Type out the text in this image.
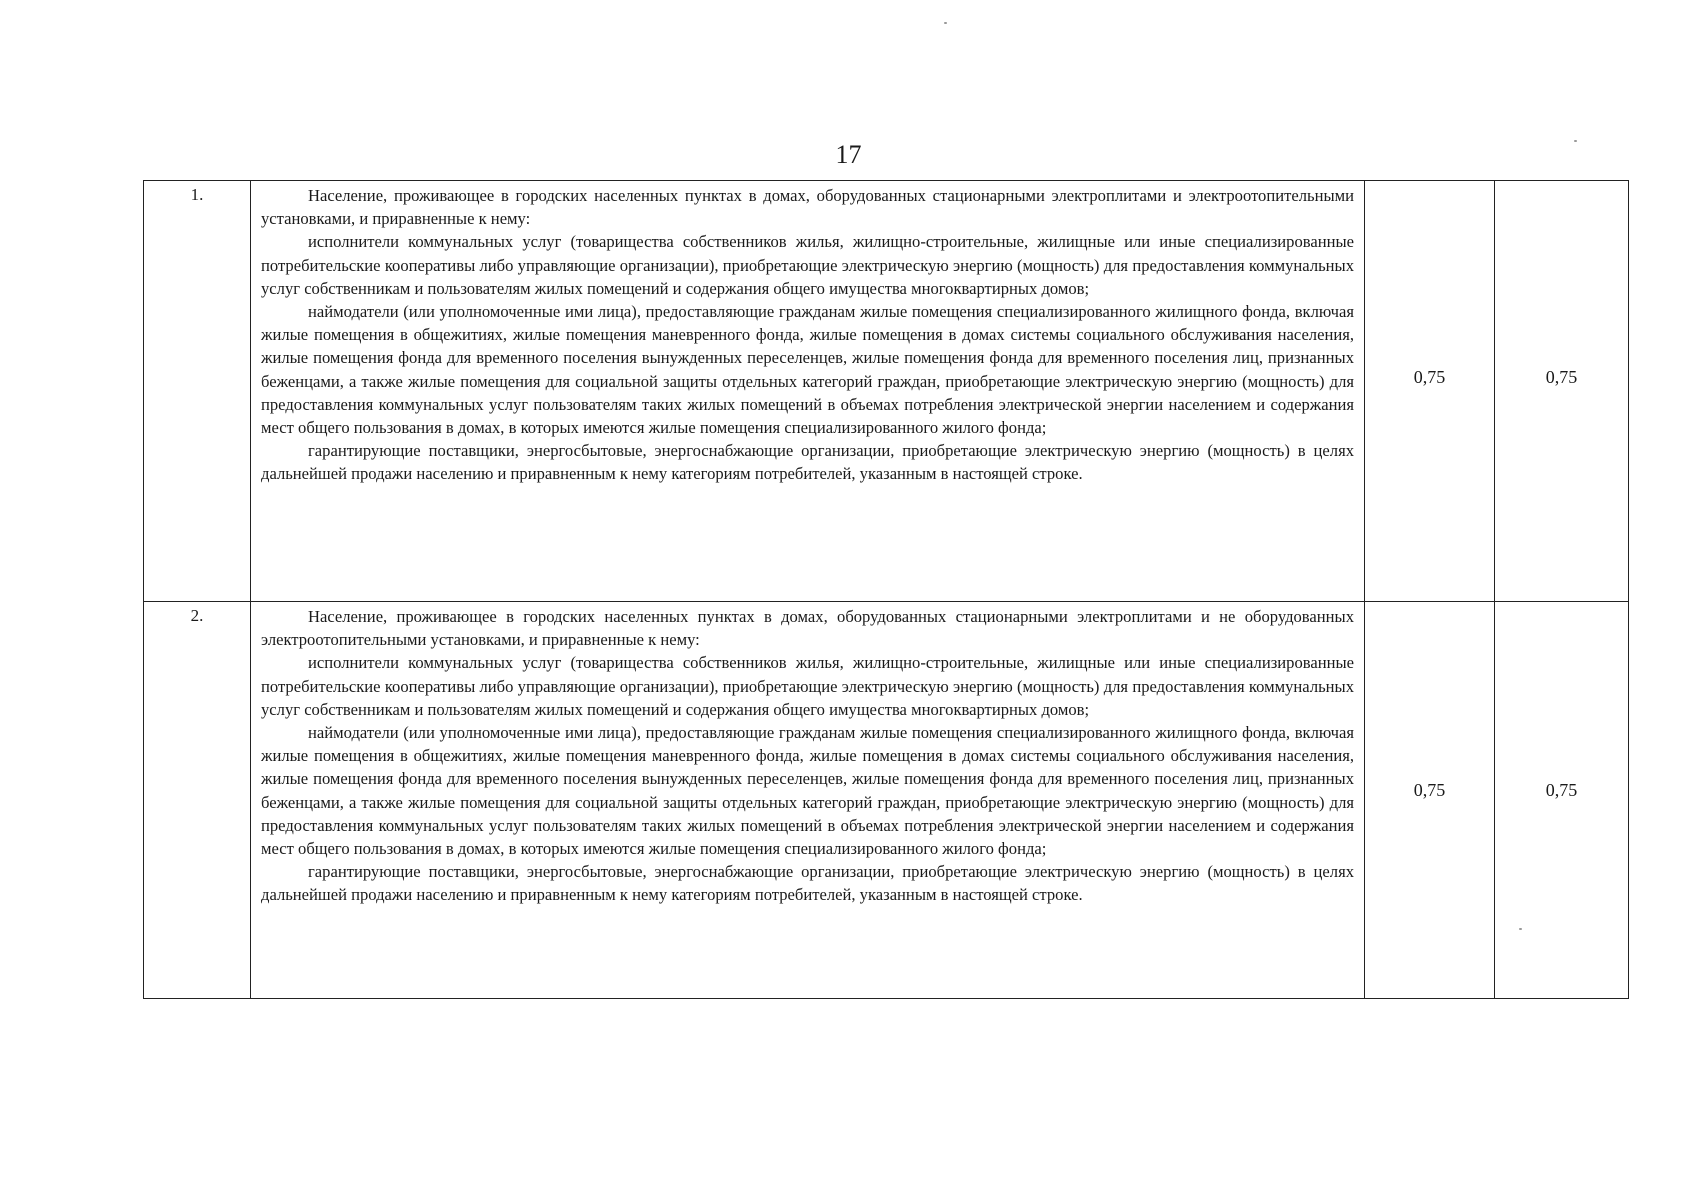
17
1.	Население, проживающее в городских населенных пунктах в домах, оборудованных стационарными электроплитами и электроотопительными установками, и приравненные к нему:

исполнители коммунальных услуг (товарищества собственников жилья, жилищно-строительные, жилищные или иные специализированные потребительские кооперативы либо управляющие организации), приобретающие электрическую энергию (мощность) для предоставления коммунальных услуг собственникам и пользователям жилых помещений и содержания общего имущества многоквартирных домов;

наймодатели (или уполномоченные ими лица), предоставляющие гражданам жилые помещения специализированного жилищного фонда, включая жилые помещения в общежитиях, жилые помещения маневренного фонда, жилые помещения в домах системы социального обслуживания населения, жилые помещения фонда для временного поселения вынужденных переселенцев, жилые помещения фонда для временного поселения лиц, признанных беженцами, а также жилые помещения для социальной защиты отдельных категорий граждан, приобретающие электрическую энергию (мощность) для предоставления коммунальных услуг пользователям таких жилых помещений в объемах потребления электрической энергии населением и содержания мест общего пользования в домах, в которых имеются жилые помещения специализированного жилого фонда;

гарантирующие поставщики, энергосбытовые, энергоснабжающие организации, приобретающие электрическую энергию (мощность) в целях дальнейшей продажи населению и приравненным к нему категориям потребителей, указанным в настоящей строке.	0,75	0,75
2.	Население, проживающее в городских населенных пунктах в домах, оборудованных стационарными электроплитами и не оборудованных электроотопительными установками, и приравненные к нему:

исполнители коммунальных услуг (товарищества собственников жилья, жилищно-строительные, жилищные или иные специализированные потребительские кооперативы либо управляющие организации), приобретающие электрическую энергию (мощность) для предоставления коммунальных услуг собственникам и пользователям жилых помещений и содержания общего имущества многоквартирных домов;

наймодатели (или уполномоченные ими лица), предоставляющие гражданам жилые помещения специализированного жилищного фонда, включая жилые помещения в общежитиях, жилые помещения маневренного фонда, жилые помещения в домах системы социального обслуживания населения, жилые помещения фонда для временного поселения вынужденных переселенцев, жилые помещения фонда для временного поселения лиц, признанных беженцами, а также жилые помещения для социальной защиты отдельных категорий граждан, приобретающие электрическую энергию (мощность) для предоставления коммунальных услуг пользователям таких жилых помещений в объемах потребления электрической энергии населением и содержания мест общего пользования в домах, в которых имеются жилые помещения специализированного жилого фонда;

гарантирующие поставщики, энергосбытовые, энергоснабжающие организации, приобретающие электрическую энергию (мощность) в целях дальнейшей продажи населению и приравненным к нему категориям потребителей, указанным в настоящей строке.	0,75	0,75
